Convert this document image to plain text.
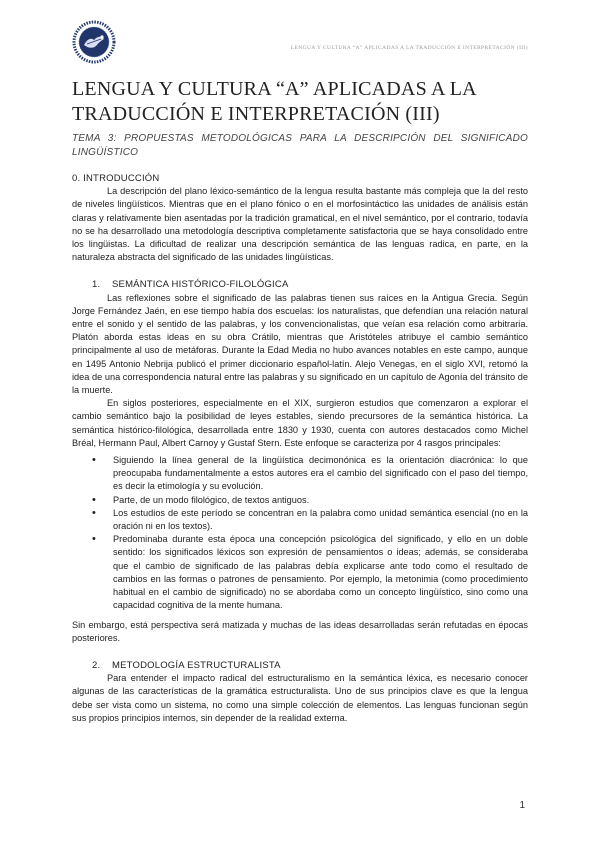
LENGUA Y CULTURA “A” APLICADAS A LA TRADUCCIÓN E INTERPRETACIÓN (III)
LENGUA Y CULTURA “A” APLICADAS A LA TRADUCCIÓN E INTERPRETACIÓN (III)
TEMA 3: PROPUESTAS METODOLÓGICAS PARA LA DESCRIPCIÓN DEL SIGNIFICADO LINGÜÍSTICO

0. INTRODUCCIÓN

La descripción del plano léxico-semántico de la lengua resulta bastante más compleja que la del resto de niveles lingüísticos. Mientras que en el plano fónico o en el morfosintáctico las unidades de análisis están claras y relativamente bien asentadas por la tradición gramatical, en el nivel semántico, por el contrario, todavía no se ha desarrollado una metodología descriptiva completamente satisfactoria que se haya consolidado entre los lingüistas. La dificultad de realizar una descripción semántica de las lenguas radica, en parte, en la naturaleza abstracta del significado de las unidades lingüísticas.

1. SEMÁNTICA HISTÓRICO-FILOLÓGICA

Las reflexiones sobre el significado de las palabras tienen sus raíces en la Antigua Grecia. Según Jorge Fernández Jaén, en ese tiempo había dos escuelas: los naturalistas, que defendían una relación natural entre el sonido y el sentido de las palabras, y los convencionalistas, que veían esa relación como arbitraria. Platón aborda estas ideas en su obra Crátilo, mientras que Aristóteles atribuye el cambio semántico principalmente al uso de metáforas. Durante la Edad Media no hubo avances notables en este campo, aunque en 1495 Antonio Nebrija publicó el primer diccionario español-latín. Alejo Venegas, en el siglo XVI, retomó la idea de una correspondencia natural entre las palabras y su significado en un capítulo de Agonía del tránsito de la muerte.

En siglos posteriores, especialmente en el XIX, surgieron estudios que comenzaron a explorar el cambio semántico bajo la posibilidad de leyes estables, siendo precursores de la semántica histórica. La semántica histórico-filológica, desarrollada entre 1830 y 1930, cuenta con autores destacados como Michel Bréal, Hermann Paul, Albert Carnoy y Gustaf Stern. Este enfoque se caracteriza por 4 rasgos principales:

• Siguiendo la línea general de la lingüística decimonónica es la orientación diacrónica: lo que preocupaba fundamentalmente a estos autores era el cambio del significado con el paso del tiempo, es decir la etimología y su evolución.
• Parte, de un modo filológico, de textos antiguos.
• Los estudios de este período se concentran en la palabra como unidad semántica esencial (no en la oración ni en los textos).
• Predominaba durante esta época una concepción psicológica del significado, y ello en un doble sentido: los significados léxicos son expresión de pensamientos o ideas; además, se consideraba que el cambio de significado de las palabras debía explicarse ante todo como el resultado de cambios en las formas o patrones de pensamiento. Por ejemplo, la metonimia (como procedimiento habitual en el cambio de significado) no se abordaba como un concepto lingüístico, sino como una capacidad cognitiva de la mente humana.

Sin embargo, está perspectiva será matizada y muchas de las ideas desarrolladas serán refutadas en épocas posteriores.

2. METODOLOGÍA ESTRUCTURALISTA

Para entender el impacto radical del estructuralismo en la semántica léxica, es necesario conocer algunas de las características de la gramática estructuralista. Uno de sus principios clave es que la lengua debe ser vista como un sistema, no como una simple colección de elementos. Las lenguas funcionan según sus propios principios internos, sin depender de la realidad externa.

1
